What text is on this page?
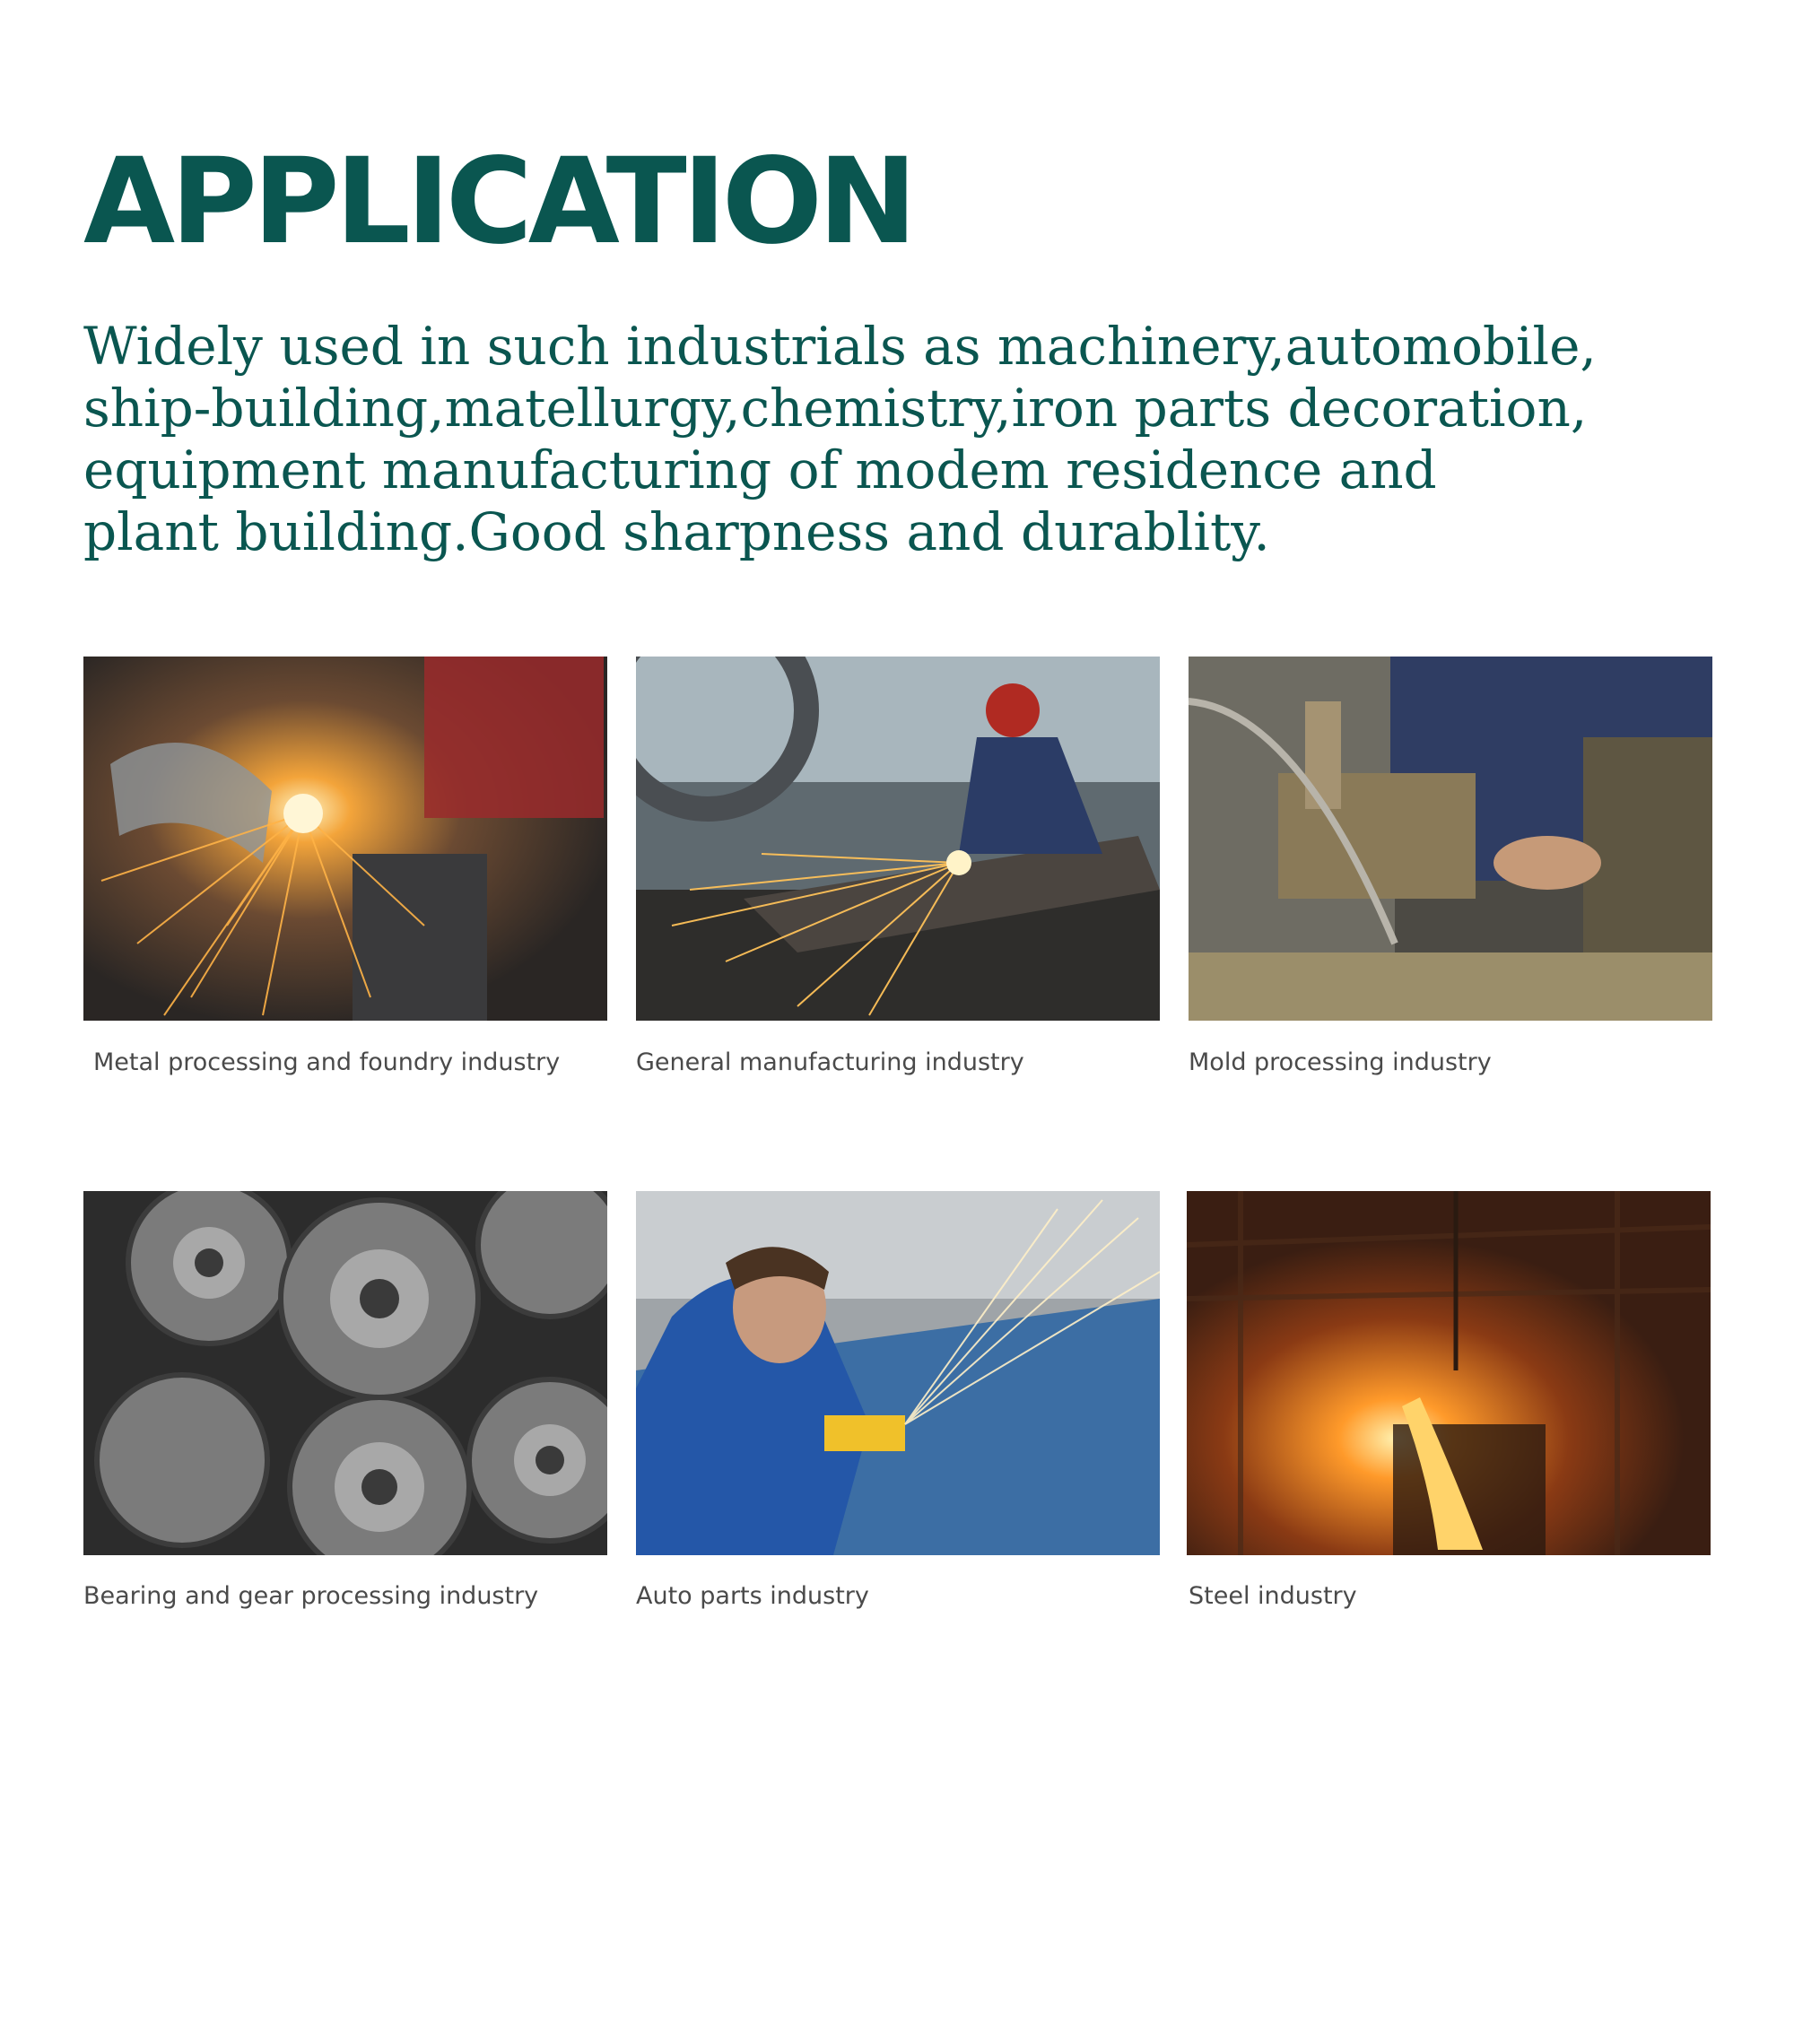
APPLICATION

Widely used in such industrials as machinery,automobile,
ship-building,matellurgy,chemistry,iron parts decoration,
equipment manufacturing of modem residence and
plant building.Good sharpness and durablity.

Metal processing and foundry industry	General manufacturing industry	Mold processing industry
Bearing and gear processing industry	Auto parts industry	Steel industry
